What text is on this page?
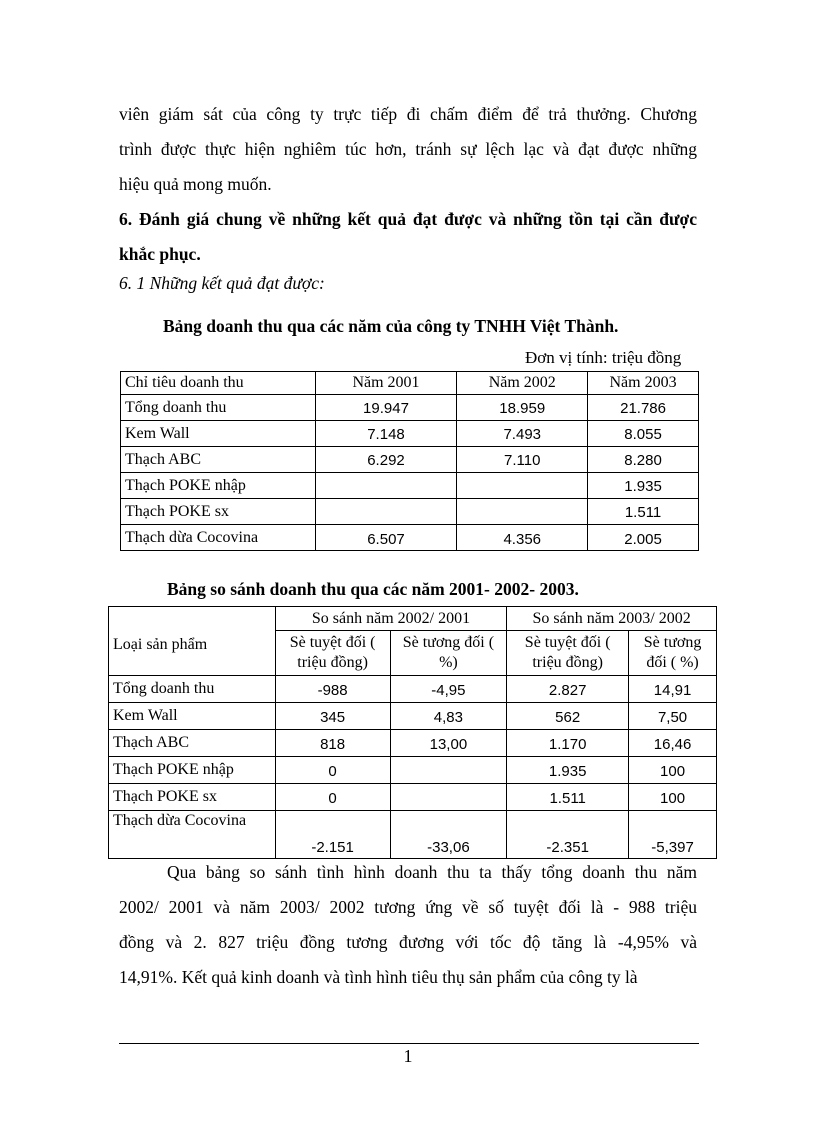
viên giám sát của công ty trực tiếp đi chấm điểm để trả thưởng. Chương
trình được thực hiện nghiêm túc hơn, tránh sự lệch lạc và đạt được những
hiệu quả mong muốn.
6. Đánh giá chung về những kết quả đạt được và những tồn tại cần được
khắc phục.
6. 1 Những kết quả đạt được:
Bảng doanh thu qua các năm của công ty TNHH Việt Thành.
Đơn vị tính: triệu đồng
Chỉ tiêu doanh thu	Năm 2001	Năm 2002	Năm 2003
Tổng doanh thu	19.947	18.959	21.786
Kem Wall	7.148	7.493	8.055
Thạch ABC	6.292	7.110	8.280
Thạch POKE nhập			1.935
Thạch POKE sx			1.511
Thạch dừa Cocovina	6.507	4.356	2.005
Bảng so sánh doanh thu qua các năm 2001- 2002- 2003.
Loại sản phẩm	So sánh năm 2002/ 2001		So sánh năm 2003/ 2002	
	Sè tuyệt đối ( triệu đồng)	Sè tương đối ( %)	Sè tuyệt đối ( triệu đồng)	Sè tương đối ( %)
Tổng doanh thu	-988	-4,95	2.827	14,91
Kem Wall	345	4,83	562	7,50
Thạch ABC	818	13,00	1.170	16,46
Thạch POKE nhập	0		1.935	100
Thạch POKE sx	0		1.511	100
Thạch dừa Cocovina	-2.151	-33,06	-2.351	-5,397
Qua bảng so sánh tình hình doanh thu ta thấy tổng doanh thu năm
2002/ 2001 và năm 2003/ 2002 tương ứng về số tuyệt đối là - 988 triệu
đồng và 2. 827 triệu đồng tương đương với tốc độ tăng là -4,95% và
14,91%. Kết quả kinh doanh và tình hình tiêu thụ sản phẩm của công ty là
1
